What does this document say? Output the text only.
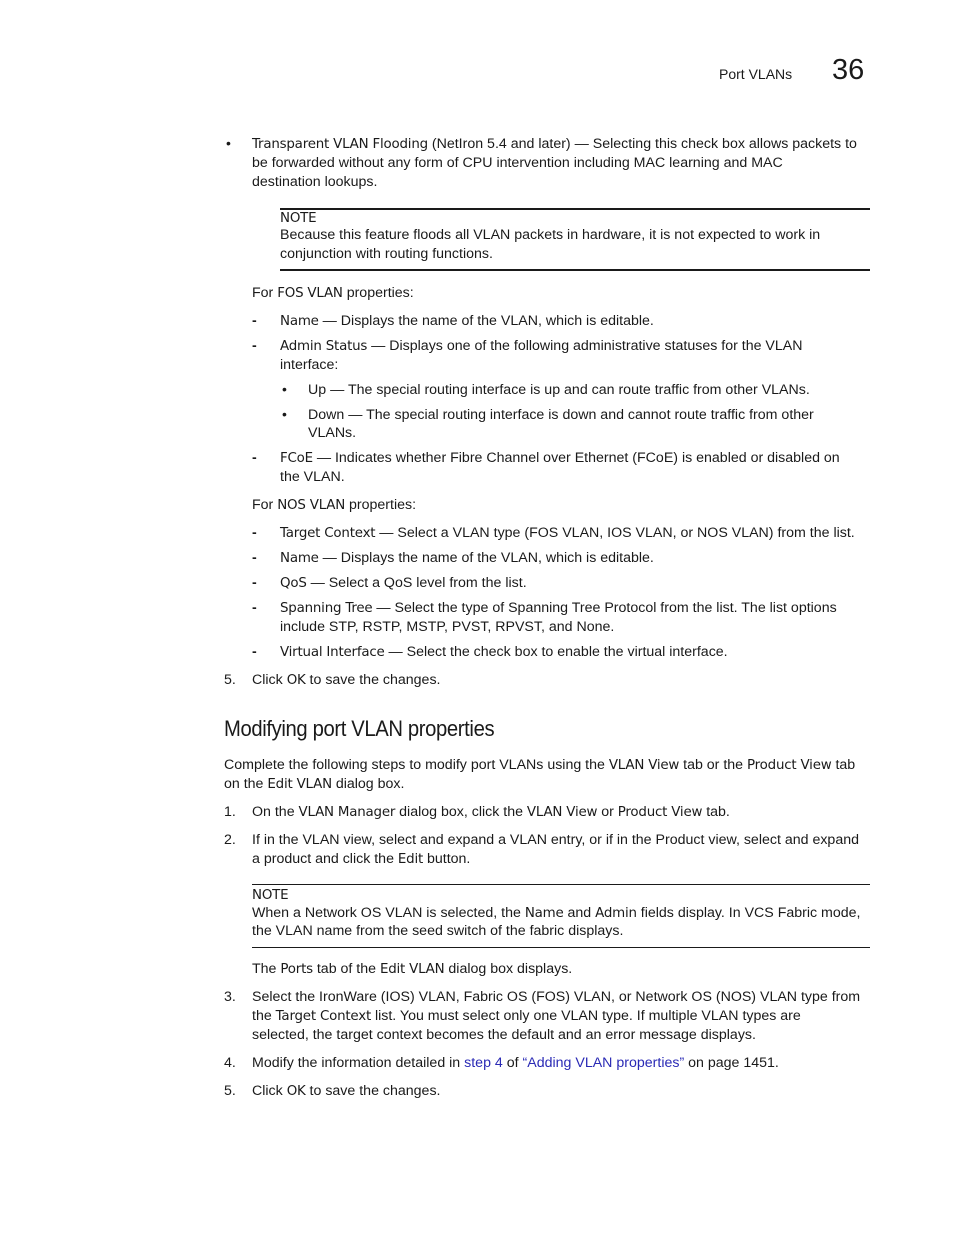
Port VLANs 36
• Transparent VLAN Flooding (NetIron 5.4 and later) — Selecting this check box allows packets to
be forwarded without any form of CPU intervention including MAC learning and MAC
destination lookups.
NOTE
Because this feature floods all VLAN packets in hardware, it is not expected to work in
conjunction with routing functions.
For FOS VLAN properties:
- Name — Displays the name of the VLAN, which is editable.
- Admin Status — Displays one of the following administrative statuses for the VLAN
interface:
• Up — The special routing interface is up and can route traffic from other VLANs.
• Down — The special routing interface is down and cannot route traffic from other
VLANs.
- FCoE — Indicates whether Fibre Channel over Ethernet (FCoE) is enabled or disabled on
the VLAN.
For NOS VLAN properties:
- Target Context — Select a VLAN type (FOS VLAN, IOS VLAN, or NOS VLAN) from the list.
- Name — Displays the name of the VLAN, which is editable.
- QoS — Select a QoS level from the list.
- Spanning Tree — Select the type of Spanning Tree Protocol from the list. The list options
include STP, RSTP, MSTP, PVST, RPVST, and None.
- Virtual Interface — Select the check box to enable the virtual interface.
5. Click OK to save the changes.
Modifying port VLAN properties
Complete the following steps to modify port VLANs using the VLAN View tab or the Product View tab
on the Edit VLAN dialog box.
1. On the VLAN Manager dialog box, click the VLAN View or Product View tab.
2. If in the VLAN view, select and expand a VLAN entry, or if in the Product view, select and expand
a product and click the Edit button.
NOTE
When a Network OS VLAN is selected, the Name and Admin fields display. In VCS Fabric mode,
the VLAN name from the seed switch of the fabric displays.
The Ports tab of the Edit VLAN dialog box displays.
3. Select the IronWare (IOS) VLAN, Fabric OS (FOS) VLAN, or Network OS (NOS) VLAN type from
the Target Context list. You must select only one VLAN type. If multiple VLAN types are
selected, the target context becomes the default and an error message displays.
4. Modify the information detailed in step 4 of “Adding VLAN properties” on page 1451.
5. Click OK to save the changes.
